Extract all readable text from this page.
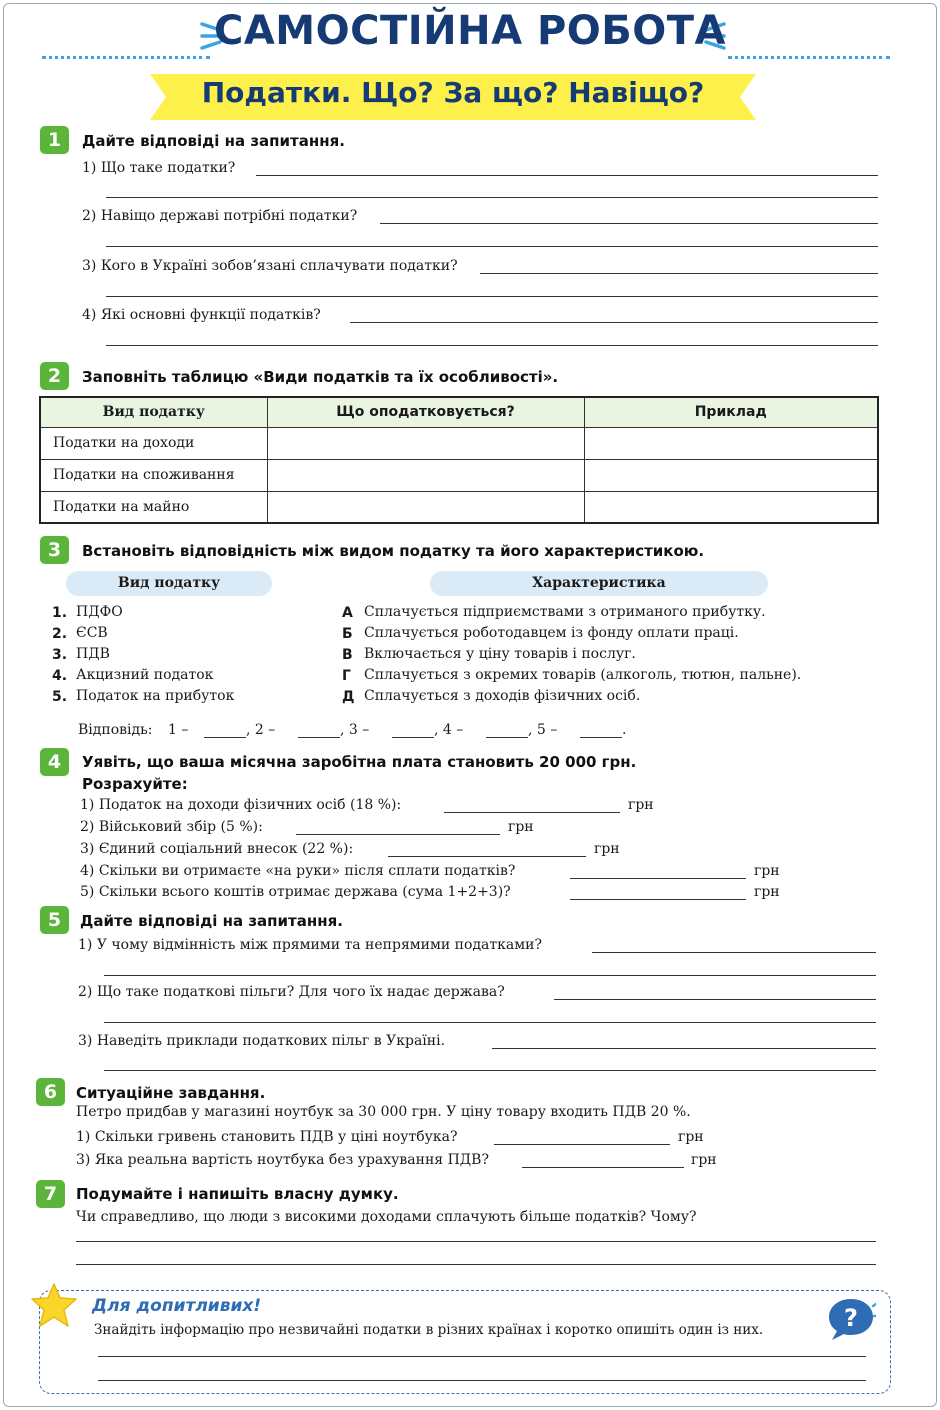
САМОСТІЙНА РОБОТА
Податки. Що? За що? Навіщо?
1	Дайте відповіді на запитання.
1) Що таке податки?
2) Навіщо державі потрібні податки?
3) Кого в Україні зобов’язані сплачувати податки?
4) Які основні функції податків?
2	Заповніть таблицю «Види податків та їх особливості».
Вид податку	Що оподатковується?	Приклад
Податки на доходи		
Податки на споживання		
Податки на майно		
3	Встановіть відповідність між видом податку та його характеристикою.
Вид податку	Характеристика
1. ПДФО
2. ЄСВ
3. ПДВ
4. Акцизний податок
5. Податок на прибуток
А Сплачується підприємствами з отриманого прибутку.
Б Сплачується роботодавцем із фонду оплати праці.
В Включається у ціну товарів і послуг.
Г Сплачується з окремих товарів (алкоголь, тютюн, пальне).
Д Сплачується з доходів фізичних осіб.
Відповідь: 1 –	, 2 –	, 3 –	, 4 –	, 5 –	.
4	Уявіть, що ваша місячна заробітна плата становить 20 000 грн.
Розрахуйте:
1) Податок на доходи фізичних осіб (18 %):	грн
2) Військовий збір (5 %):	грн
3) Єдиний соціальний внесок (22 %):	грн
4) Скільки ви отримаєте «на руки» після сплати податків?	грн
5) Скільки всього коштів отримає держава (сума 1+2+3)?	грн
5	Дайте відповіді на запитання.
1) У чому відмінність між прямими та непрямими податками?
2) Що таке податкові пільги? Для чого їх надає держава?
3) Наведіть приклади податкових пільг в Україні.
6	Ситуаційне завдання.
Петро придбав у магазині ноутбук за 30 000 грн. У ціну товару входить ПДВ 20 %.
1) Скільки гривень становить ПДВ у ціні ноутбука?	грн
3) Яка реальна вартість ноутбука без урахування ПДВ?	грн
7	Подумайте і напишіть власну думку.
Чи справедливо, що люди з високими доходами сплачують більше податків? Чому?
Для допитливих!	?
Знайдіть інформацію про незвичайні податки в різних країнах і коротко опишіть один із них.
